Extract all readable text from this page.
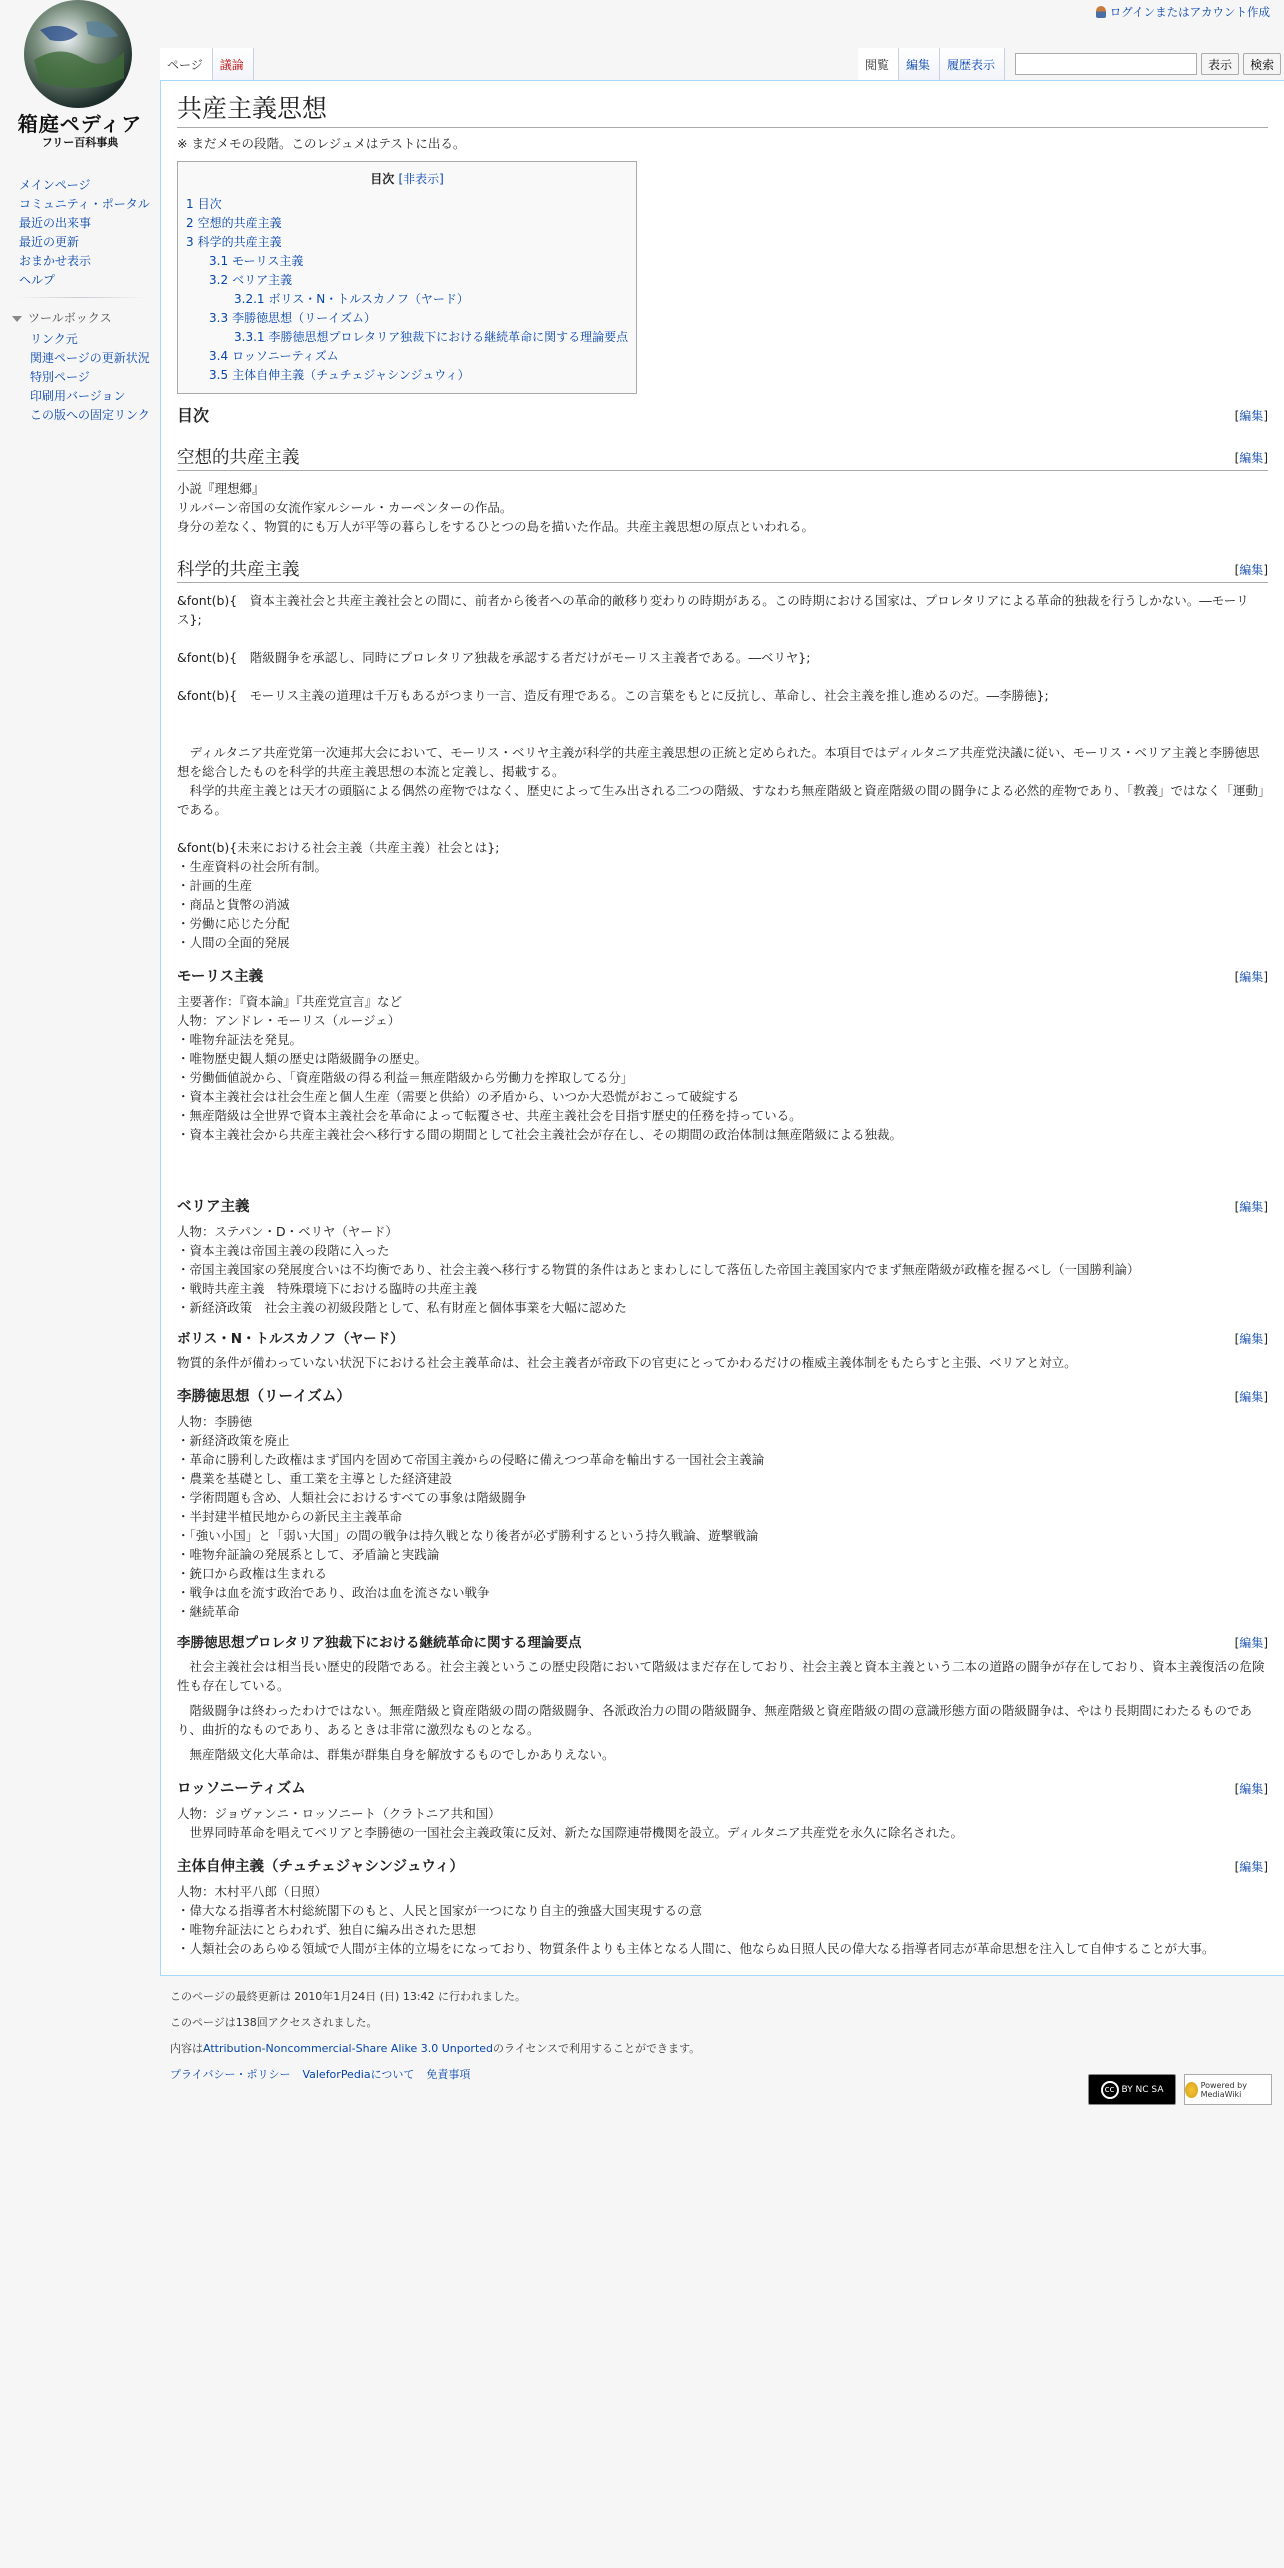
箱庭ペディア
フリー百科事典
ログインまたはアカウント作成
ページ	議論	閲覧	編集	履歴表示	表示	検索
メインページ
コミュニティ・ポータル
最近の出来事
最近の更新
おまかせ表示
ヘルプ
ツールボックス
リンク元
関連ページの更新状況
特別ページ
印刷用バージョン
この版への固定リンク
共産主義思想

※ まだメモの段階。このレジュメはテストに出る。

目次 [非表示]
1 目次
2 空想的共産主義
3 科学的共産主義
3.1 モーリス主義
3.2 ベリア主義
3.2.1 ボリス・N・トルスカノフ（ヤード）
3.3 李勝徳思想（リーイズム）
3.3.1 李勝徳思想プロレタリア独裁下における継続革命に関する理論要点
3.4 ロッソニーティズム
3.5 主体自伸主義（チュチェジャシンジュウィ）
目次	[編集]
空想的共産主義	[編集]

小説『理想郷』

リルバーン帝国の女流作家ルシール・カーペンターの作品。

身分の差なく、物質的にも万人が平等の暮らしをするひとつの島を描いた作品。共産主義思想の原点といわれる。

科学的共産主義	[編集]

&font(b){　資本主義社会と共産主義社会との間に、前者から後者への革命的敵移り変わりの時期がある。この時期における国家は、プロレタリアによる革命的独裁を行うしかない。―モーリス};

&font(b){　階級闘争を承認し、同時にプロレタリア独裁を承認する者だけがモーリス主義者である。―ベリヤ};

&font(b){　モーリス主義の道理は千万もあるがつまり一言、造反有理である。この言葉をもとに反抗し、革命し、社会主義を推し進めるのだ。―李勝徳};

　ディルタニア共産党第一次連邦大会において、モーリス・ベリヤ主義が科学的共産主義思想の正統と定められた。本項目ではディルタニア共産党決議に従い、モーリス・ベリア主義と李勝徳思想を総合したものを科学的共産主義思想の本流と定義し、掲載する。

　科学的共産主義とは天才の頭脳による偶然の産物ではなく、歴史によって生み出される二つの階級、すなわち無産階級と資産階級の間の闘争による必然的産物であり、「教義」ではなく「運動」である。

&font(b){未来における社会主義（共産主義）社会とは};

・生産資料の社会所有制。

・計画的生産

・商品と貨幣の消滅

・労働に応じた分配

・人間の全面的発展

モーリス主義	[編集]

主要著作：『資本論』『共産党宣言』など

人物：アンドレ・モーリス（ルージェ）

・唯物弁証法を発見。

・唯物歴史観人類の歴史は階級闘争の歴史。

・労働価値説から、「資産階級の得る利益＝無産階級から労働力を搾取してる分」

・資本主義社会は社会生産と個人生産（需要と供給）の矛盾から、いつか大恐慌がおこって破綻する

・無産階級は全世界で資本主義社会を革命によって転覆させ、共産主義社会を目指す歴史的任務を持っている。

・資本主義社会から共産主義社会へ移行する間の期間として社会主義社会が存在し、その期間の政治体制は無産階級による独裁。

ベリア主義	[編集]

人物：ステパン・D・ベリヤ（ヤード）

・資本主義は帝国主義の段階に入った

・帝国主義国家の発展度合いは不均衡であり、社会主義へ移行する物質的条件はあとまわしにして落伍した帝国主義国家内でまず無産階級が政権を握るべし（一国勝利論）

・戦時共産主義　特殊環境下における臨時の共産主義

・新経済政策　社会主義の初級段階として、私有財産と個体事業を大幅に認めた

ボリス・N・トルスカノフ（ヤード）	[編集]

物質的条件が備わっていない状況下における社会主義革命は、社会主義者が帝政下の官吏にとってかわるだけの権威主義体制をもたらすと主張、ベリアと対立。

李勝徳思想（リーイズム）	[編集]

人物：李勝徳

・新経済政策を廃止

・革命に勝利した政権はまず国内を固めて帝国主義からの侵略に備えつつ革命を輸出する一国社会主義論

・農業を基礎とし、重工業を主導とした経済建設

・学術問題も含め、人類社会におけるすべての事象は階級闘争

・半封建半植民地からの新民主主義革命

・「強い小国」と「弱い大国」の間の戦争は持久戦となり後者が必ず勝利するという持久戦論、遊撃戦論

・唯物弁証論の発展系として、矛盾論と実践論

・銃口から政権は生まれる

・戦争は血を流す政治であり、政治は血を流さない戦争

・継続革命

李勝徳思想プロレタリア独裁下における継続革命に関する理論要点	[編集]

　社会主義社会は相当長い歴史的段階である。社会主義というこの歴史段階において階級はまだ存在しており、社会主義と資本主義という二本の道路の闘争が存在しており、資本主義復活の危険性も存在している。

　階級闘争は終わったわけではない。無産階級と資産階級の間の階級闘争、各派政治力の間の階級闘争、無産階級と資産階級の間の意識形態方面の階級闘争は、やはり長期間にわたるものであり、曲折的なものであり、あるときは非常に激烈なものとなる。

　無産階級文化大革命は、群集が群集自身を解放するものでしかありえない。

ロッソニーティズム	[編集]

人物：ジョヴァンニ・ロッソニート（クラトニア共和国）

　世界同時革命を唱えてベリアと李勝徳の一国社会主義政策に反対、新たな国際連帯機関を設立。ディルタニア共産党を永久に除名された。

主体自伸主義（チュチェジャシンジュウィ）	[編集]

人物：木村平八郎（日照）

・偉大なる指導者木村総統閣下のもと、人民と国家が一つになり自主的強盛大国実現するの意

・唯物弁証法にとらわれず、独自に編み出された思想

・人類社会のあらゆる領域で人間が主体的立場をになっており、物質条件よりも主体となる人間に、他ならぬ日照人民の偉大なる指導者同志が革命思想を注入して自伸することが大事。

このページの最終更新は 2010年1月24日 (日) 13:42 に行われました。

このページは138回アクセスされました。

内容はAttribution-Noncommercial-Share Alike 3.0 Unportedのライセンスで利用することができます。

プライバシー・ポリシー ValeforPediaについて 免責事項

cc BY NC SA	Powered by MediaWiki
